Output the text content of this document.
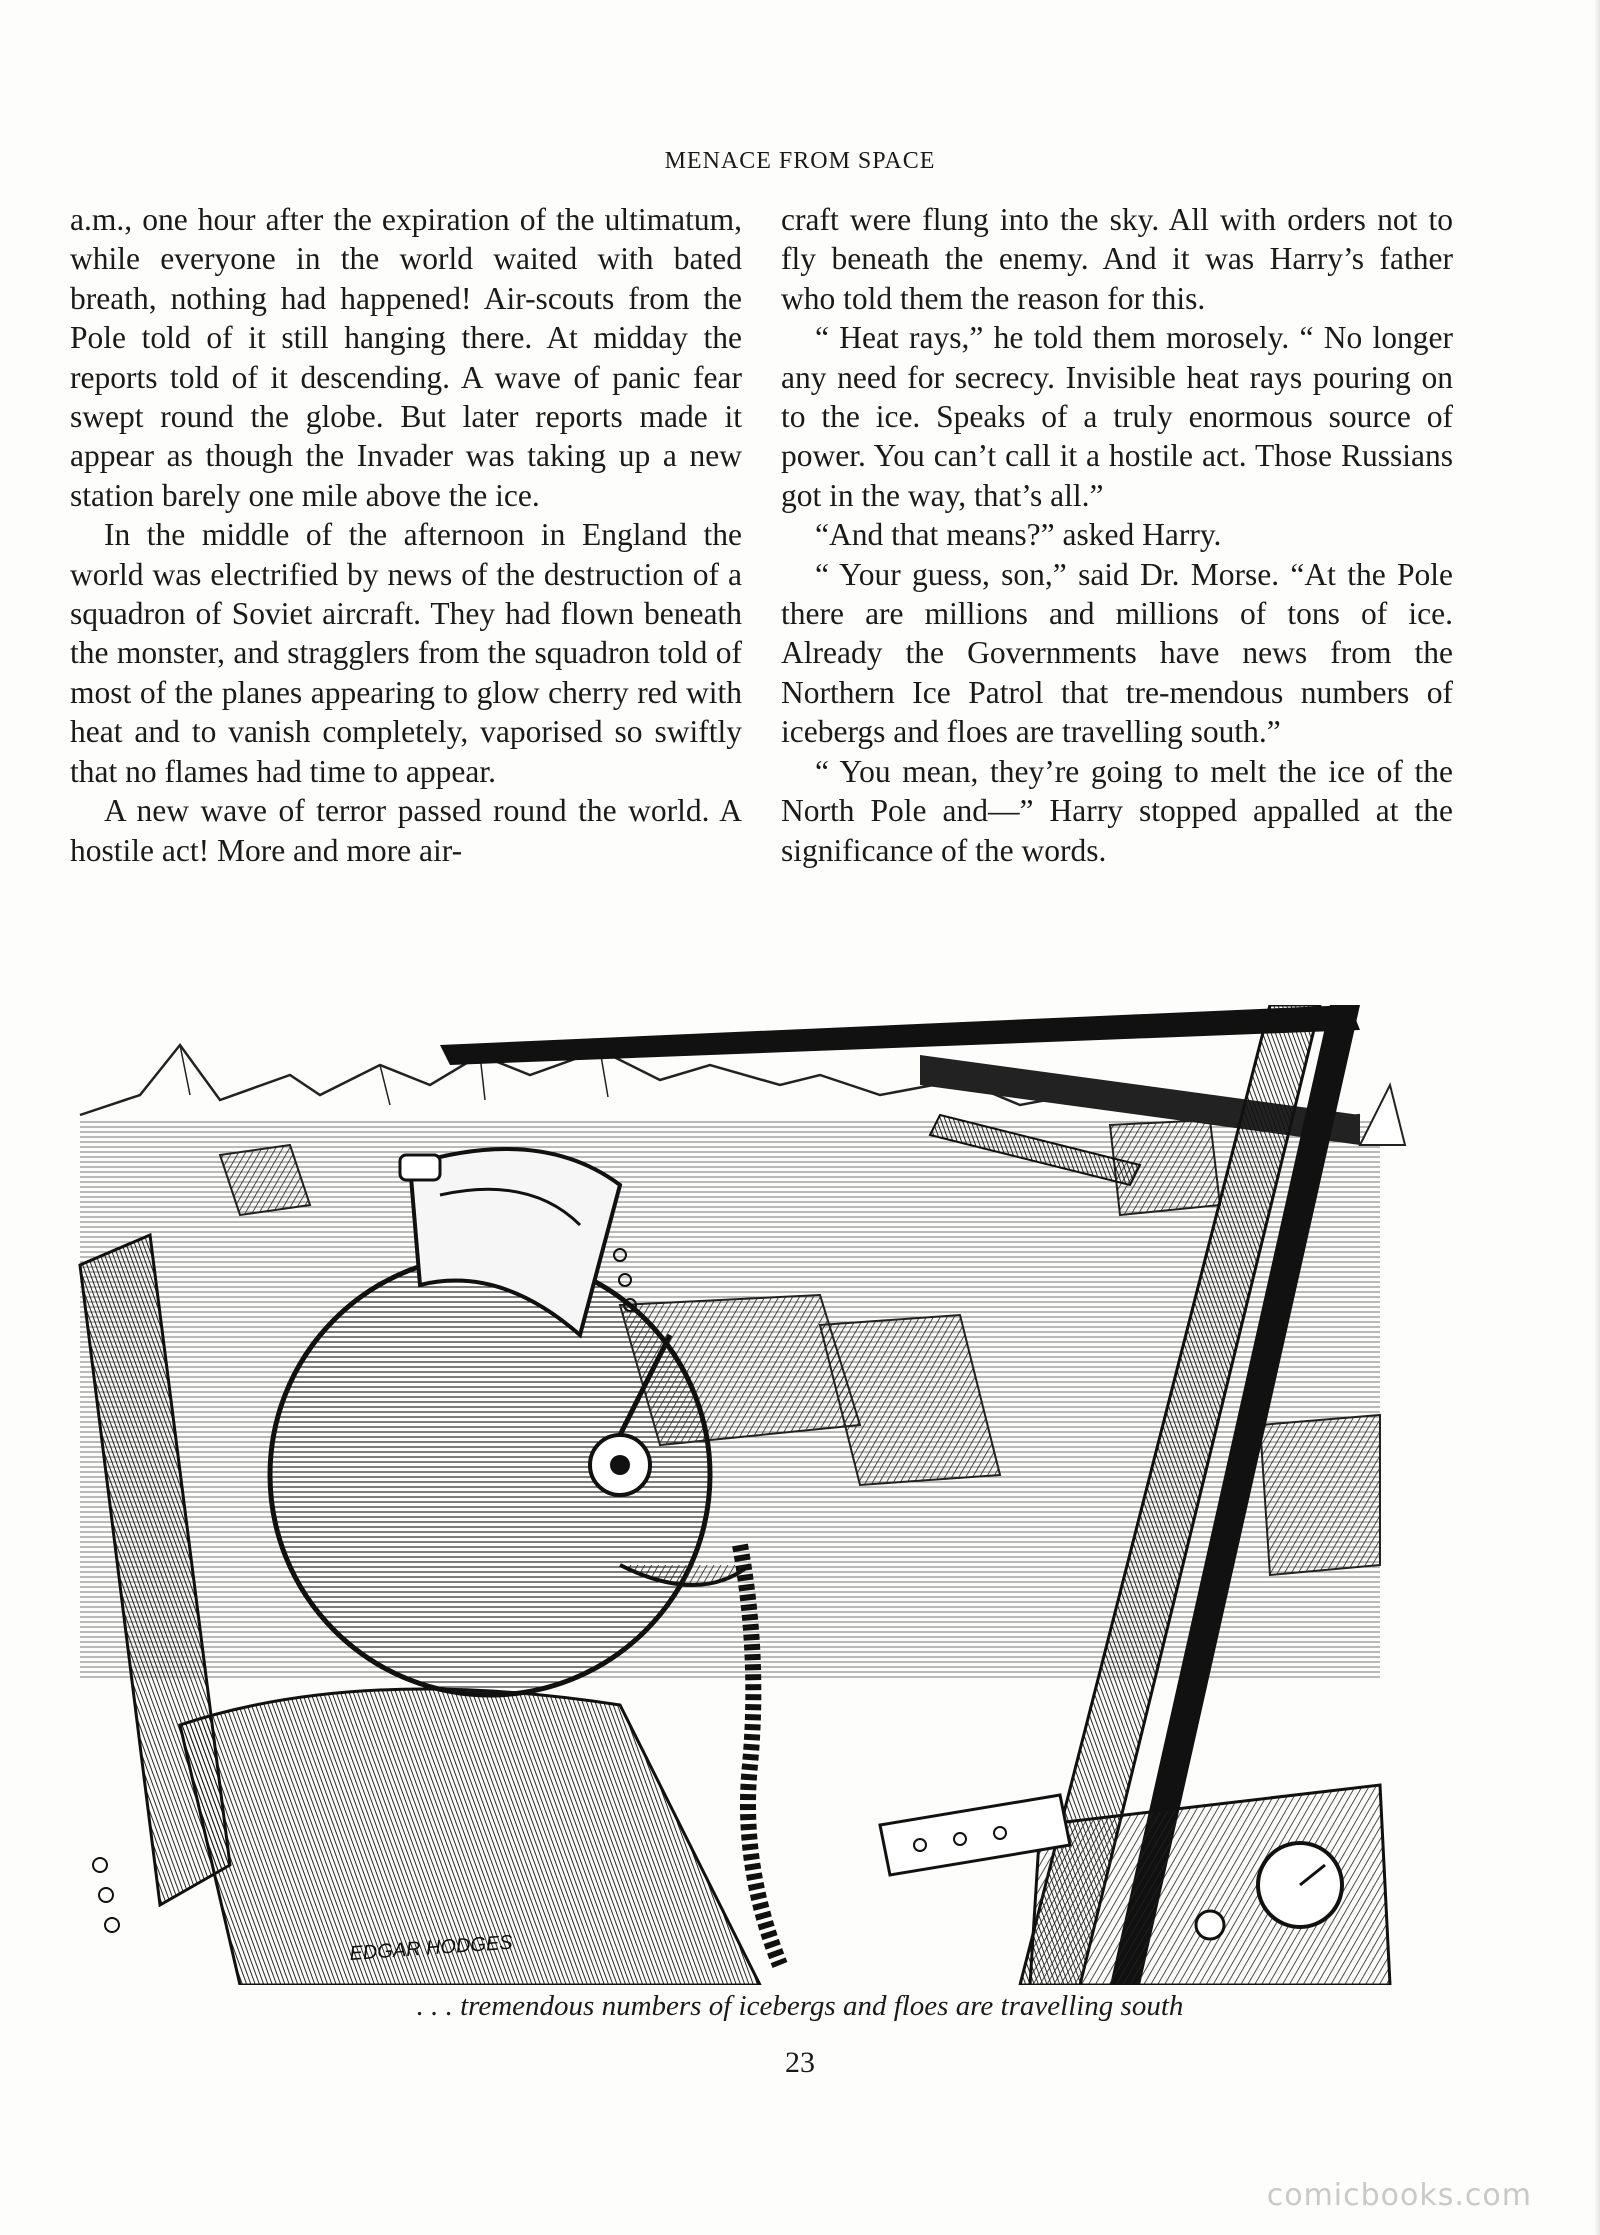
MENACE FROM SPACE

a.m., one hour after the expiration of the ultimatum, while everyone in the world waited with bated breath, nothing had happened! Air-scouts from the Pole told of it still hanging there. At midday the reports told of it descending. A wave of panic fear swept round the globe. But later reports made it appear as though the Invader was taking up a new station barely one mile above the ice.

In the middle of the afternoon in England the world was electrified by news of the destruction of a squadron of Soviet aircraft. They had flown beneath the monster, and stragglers from the squadron told of most of the planes appearing to glow cherry red with heat and to vanish completely, vaporised so swiftly that no flames had time to appear.

A new wave of terror passed round the world. A hostile act! More and more air-

craft were flung into the sky. All with orders not to fly beneath the enemy. And it was Harry’s father who told them the reason for this.

“ Heat rays,” he told them morosely. “ No longer any need for secrecy. Invisible heat rays pouring on to the ice. Speaks of a truly enormous source of power. You can’t call it a hostile act. Those Russians got in the way, that’s all.”

“And that means?” asked Harry.

“ Your guess, son,” said Dr. Morse. “At the Pole there are millions and millions of tons of ice. Already the Governments have news from the Northern Ice Patrol that tre-mendous numbers of icebergs and floes are travelling south.”

“ You mean, they’re going to melt the ice of the North Pole and—” Harry stopped appalled at the significance of the words.

EDGAR HODGES
. . . tremendous numbers of icebergs and floes are travelling south
23
comicbooks.com
